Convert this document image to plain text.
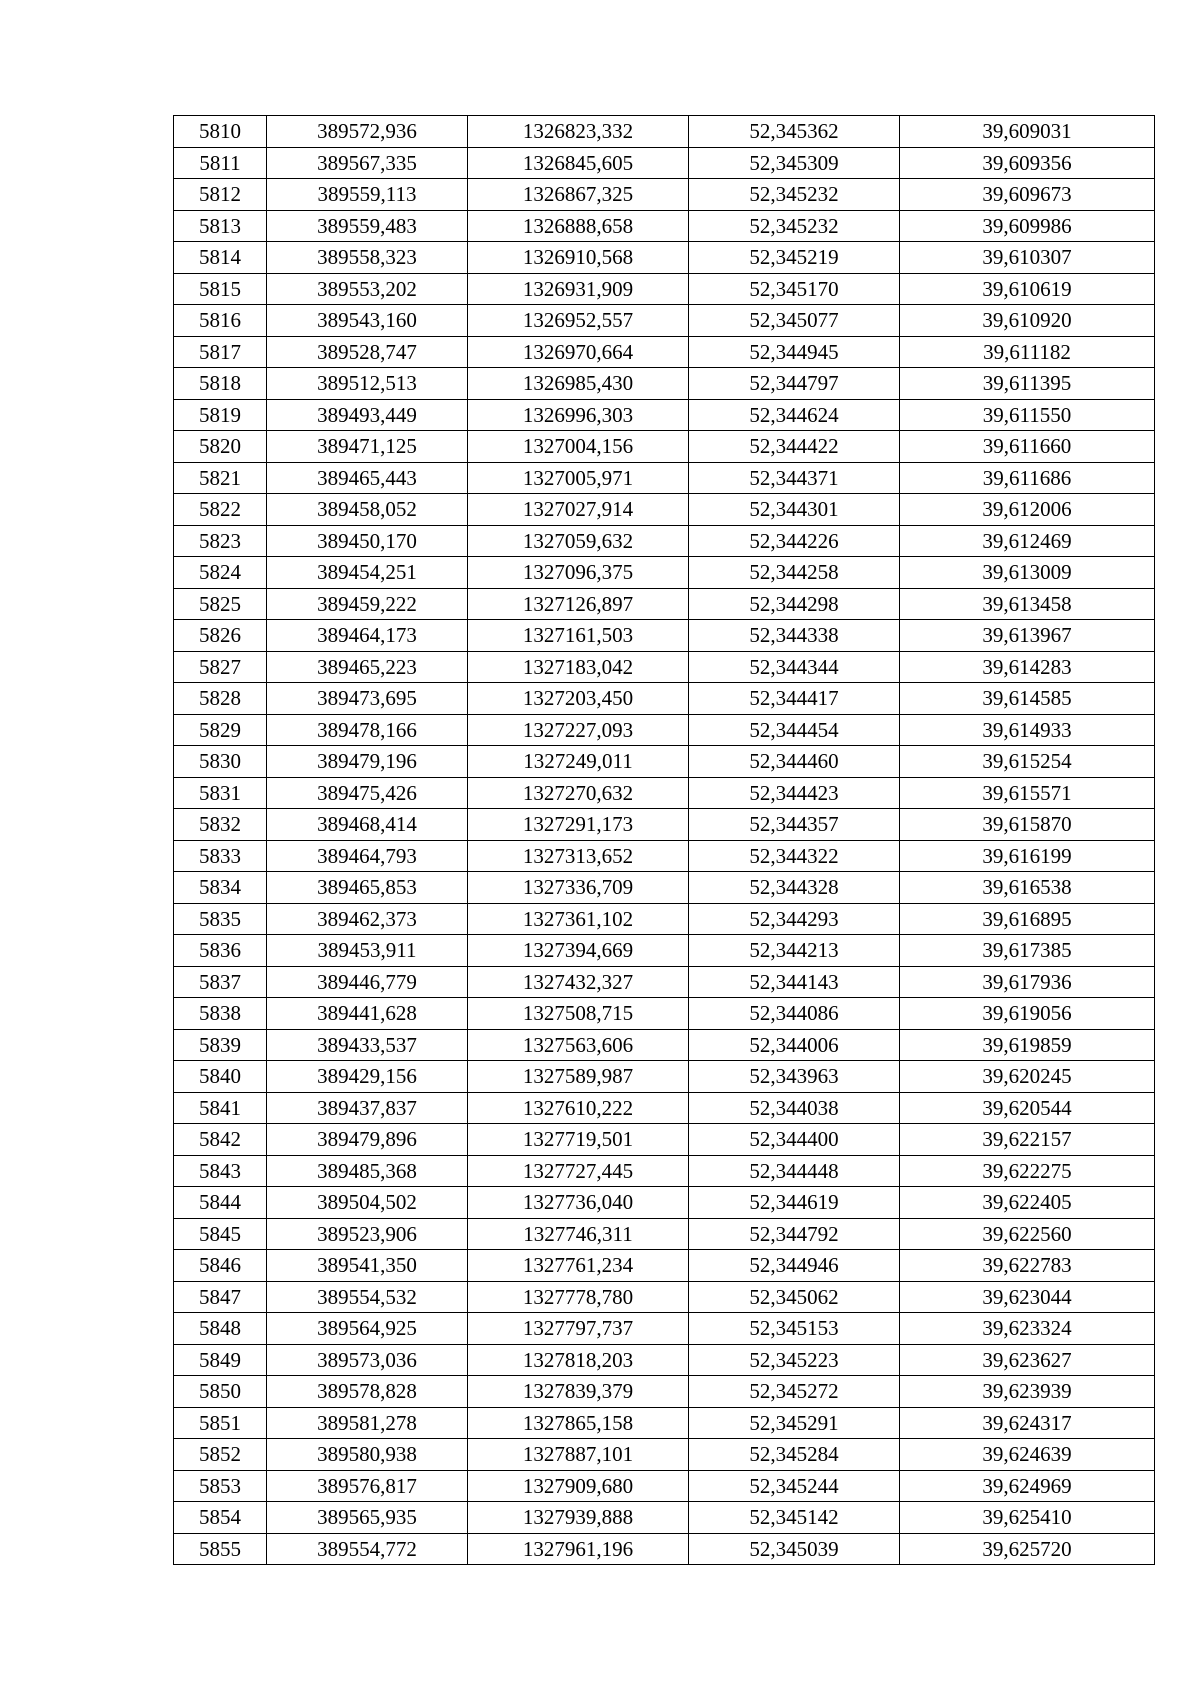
5810	389572,936	1326823,332	52,345362	39,609031
5811	389567,335	1326845,605	52,345309	39,609356
5812	389559,113	1326867,325	52,345232	39,609673
5813	389559,483	1326888,658	52,345232	39,609986
5814	389558,323	1326910,568	52,345219	39,610307
5815	389553,202	1326931,909	52,345170	39,610619
5816	389543,160	1326952,557	52,345077	39,610920
5817	389528,747	1326970,664	52,344945	39,611182
5818	389512,513	1326985,430	52,344797	39,611395
5819	389493,449	1326996,303	52,344624	39,611550
5820	389471,125	1327004,156	52,344422	39,611660
5821	389465,443	1327005,971	52,344371	39,611686
5822	389458,052	1327027,914	52,344301	39,612006
5823	389450,170	1327059,632	52,344226	39,612469
5824	389454,251	1327096,375	52,344258	39,613009
5825	389459,222	1327126,897	52,344298	39,613458
5826	389464,173	1327161,503	52,344338	39,613967
5827	389465,223	1327183,042	52,344344	39,614283
5828	389473,695	1327203,450	52,344417	39,614585
5829	389478,166	1327227,093	52,344454	39,614933
5830	389479,196	1327249,011	52,344460	39,615254
5831	389475,426	1327270,632	52,344423	39,615571
5832	389468,414	1327291,173	52,344357	39,615870
5833	389464,793	1327313,652	52,344322	39,616199
5834	389465,853	1327336,709	52,344328	39,616538
5835	389462,373	1327361,102	52,344293	39,616895
5836	389453,911	1327394,669	52,344213	39,617385
5837	389446,779	1327432,327	52,344143	39,617936
5838	389441,628	1327508,715	52,344086	39,619056
5839	389433,537	1327563,606	52,344006	39,619859
5840	389429,156	1327589,987	52,343963	39,620245
5841	389437,837	1327610,222	52,344038	39,620544
5842	389479,896	1327719,501	52,344400	39,622157
5843	389485,368	1327727,445	52,344448	39,622275
5844	389504,502	1327736,040	52,344619	39,622405
5845	389523,906	1327746,311	52,344792	39,622560
5846	389541,350	1327761,234	52,344946	39,622783
5847	389554,532	1327778,780	52,345062	39,623044
5848	389564,925	1327797,737	52,345153	39,623324
5849	389573,036	1327818,203	52,345223	39,623627
5850	389578,828	1327839,379	52,345272	39,623939
5851	389581,278	1327865,158	52,345291	39,624317
5852	389580,938	1327887,101	52,345284	39,624639
5853	389576,817	1327909,680	52,345244	39,624969
5854	389565,935	1327939,888	52,345142	39,625410
5855	389554,772	1327961,196	52,345039	39,625720
